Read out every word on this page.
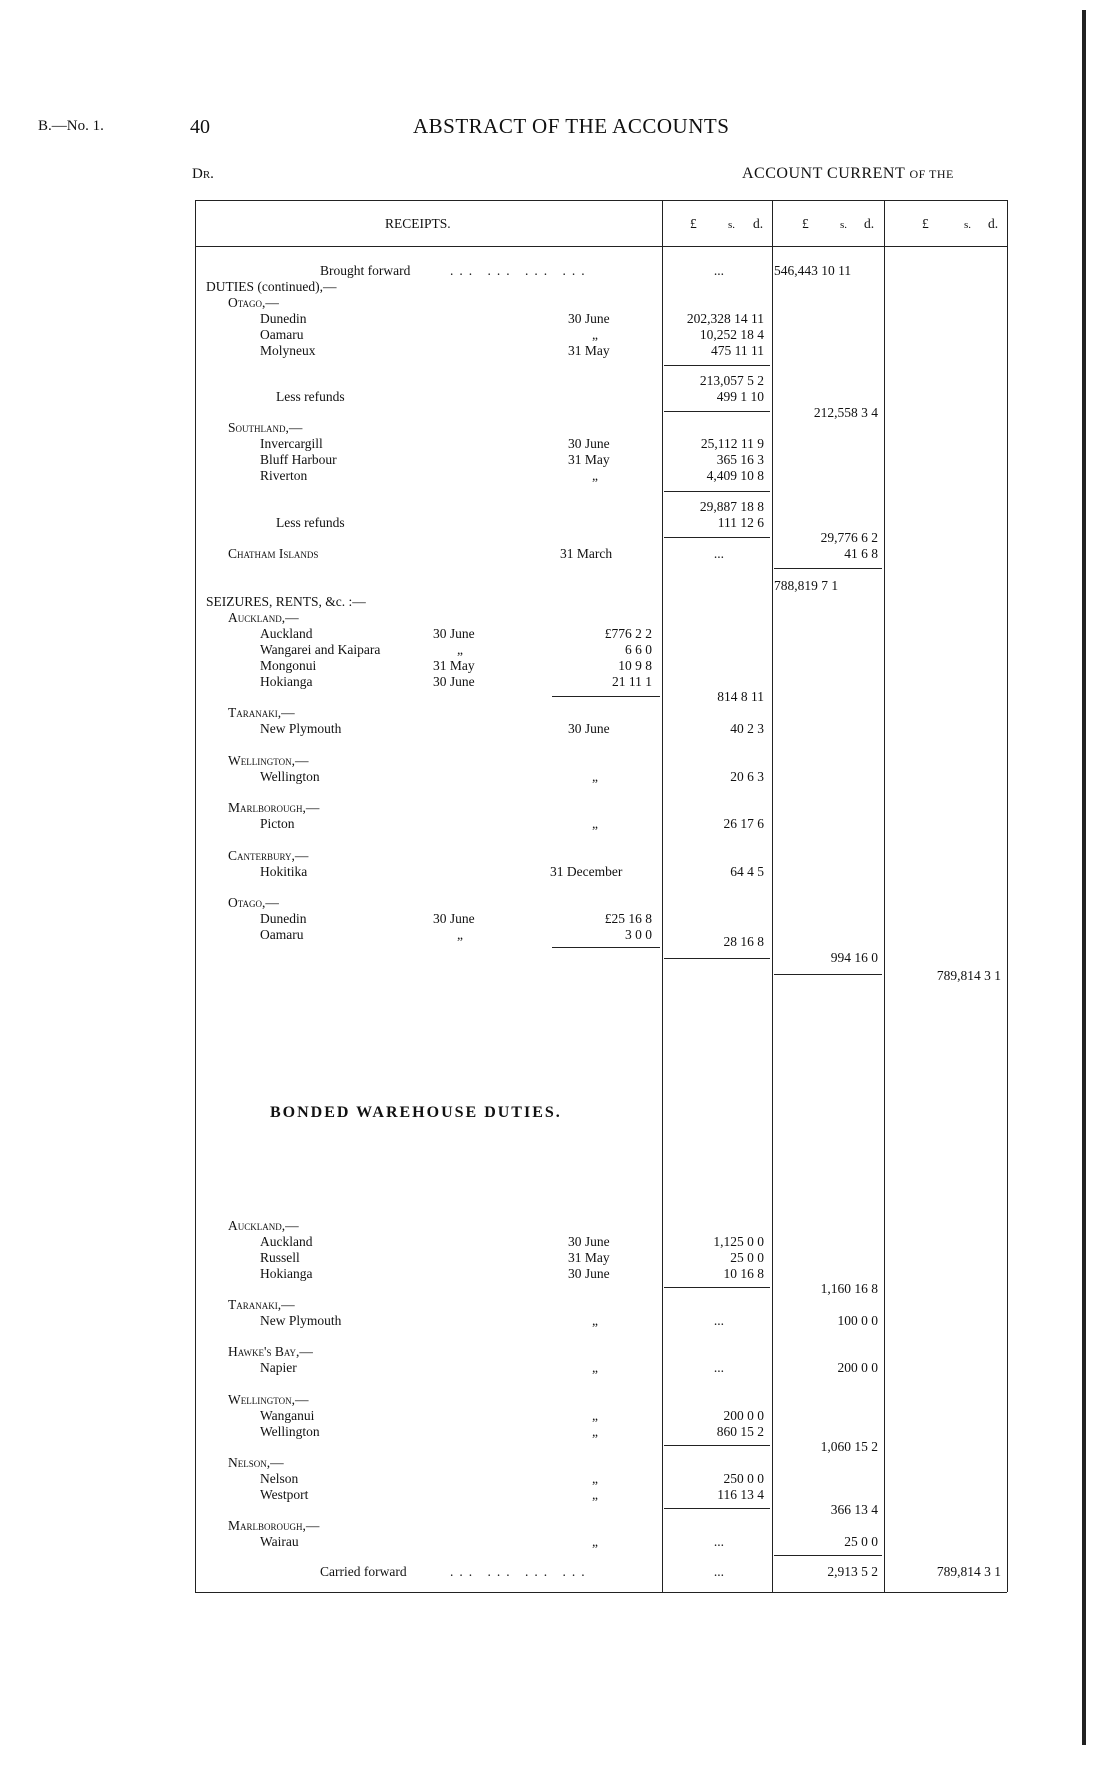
B.—No. 1.	40	ABSTRACT OF THE ACCOUNTS
Dr.	ACCOUNT CURRENT OF THE
RECEIPTS.	£	s. d.	£	s. d.	£	s. d.
Brought forward	... ... ... ...	...	546,443 10 11
DUTIES (continued),—
Otago,—
Dunedin	30 June	202,328 14 11
Oamaru	„	10,252 18 4
Molyneux	31 May	475 11 11
213,057 5 2
Less refunds	499 1 10
212,558 3 4
Southland,—
Invercargill	30 June	25,112 11 9
Bluff Harbour	31 May	365 16 3
Riverton	„	4,409 10 8
29,887 18 8
Less refunds	111 12 6
29,776 6 2
Chatham Islands	31 March	...	41 6 8
788,819 7 1
SEIZURES, RENTS, &c. :—
Auckland,—
Auckland	30 June	£776 2 2
Wangarei and Kaipara	„	6 6 0
Mongonui	31 May	10 9 8
Hokianga	30 June	21 11 1
814 8 11
Taranaki,—
New Plymouth	30 June	40 2 3
Wellington,—
Wellington	„	20 6 3
Marlborough,—
Picton	„	26 17 6
Canterbury,—
Hokitika	31 December	64 4 5
Otago,—
Dunedin	30 June	£25 16 8
Oamaru	„	3 0 0	28 16 8
994 16 0
789,814 3 1
BONDED WAREHOUSE DUTIES.
Auckland,—
Auckland	30 June	1,125 0 0
Russell	31 May	25 0 0
Hokianga	30 June	10 16 8
1,160 16 8
Taranaki,—
New Plymouth	„	...	100 0 0
Hawke's Bay,—
Napier	„	...	200 0 0
Wellington,—
Wanganui	„	200 0 0
Wellington	„	860 15 2
1,060 15 2
Nelson,—
Nelson	„	250 0 0
Westport	„	116 13 4
366 13 4
Marlborough,—
Wairau	„	...	25 0 0
Carried forward	... ... ... ...	...	2,913 5 2	789,814 3 1
